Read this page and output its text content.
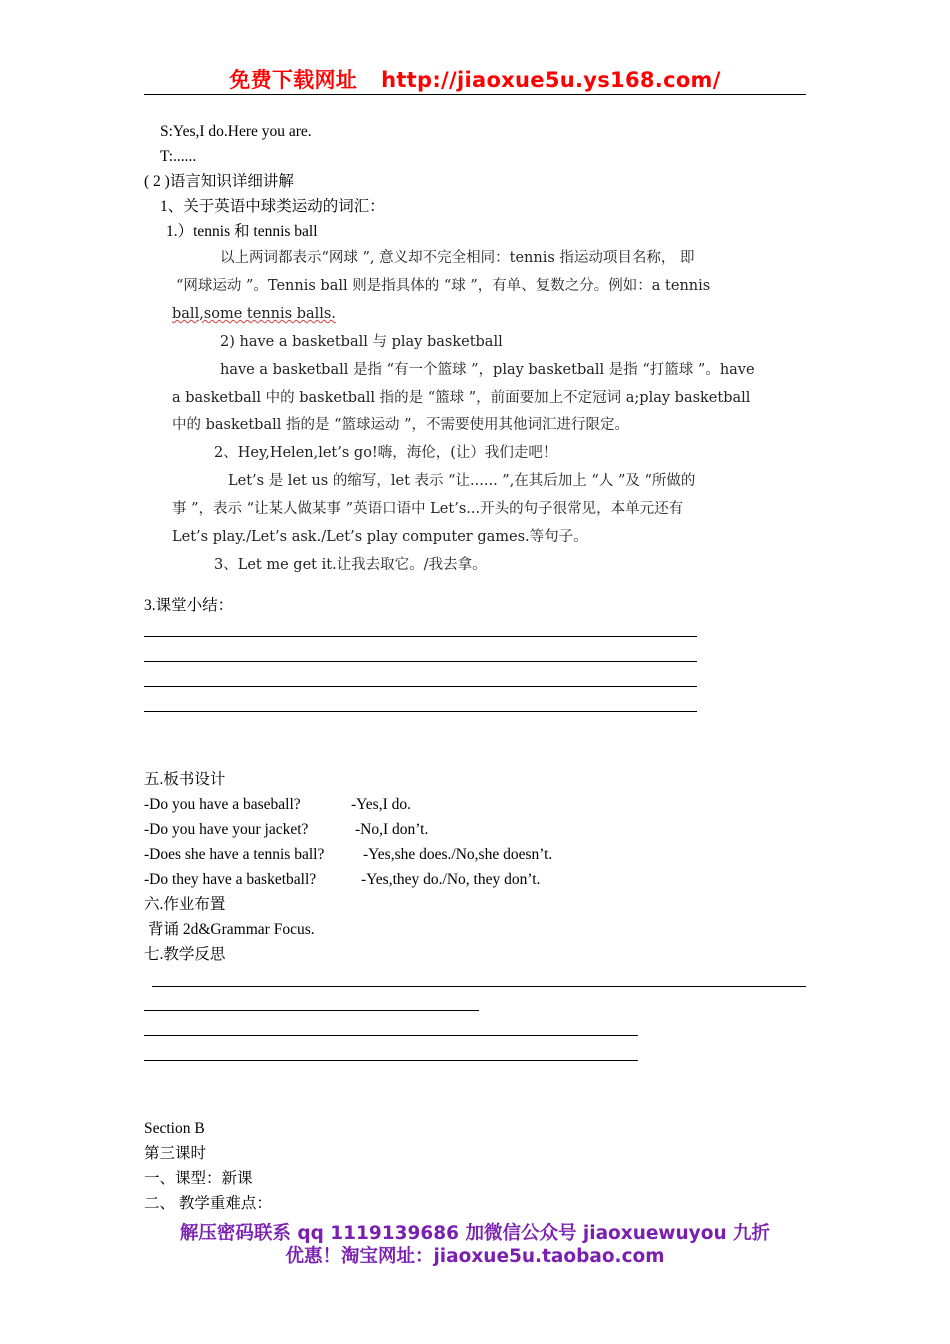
免费下载网址 http://jiaoxue5u.ys168.com/
S:Yes,I do.Here you are.
T:......
( 2 )语言知识详细讲解
1、关于英语中球类运动的词汇：
1.）tennis 和 tennis ball
以上两词都表示“网球 ”, 意义却不完全相同：tennis 指运动项目名称， 即
“网球运动 ”。Tennis ball 则是指具体的 “球 ”，有单、复数之分。例如：a tennis
ball,some tennis balls.
2) have a basketball 与 play basketball
have a basketball 是指 “有一个篮球 ”，play basketball 是指 “打篮球 ”。have
a basketball 中的 basketball 指的是 “篮球 ”，前面要加上不定冠词 a;play basketball
中的 basketball 指的是 “篮球运动 ”，不需要使用其他词汇进行限定。
2、Hey,Helen,let’s go!嗨，海伦，(让）我们走吧！
Let’s 是 let us 的缩写，let 表示 “让...... ”,在其后加上 “人 ”及 “所做的
事 ”，表示 “让某人做某事 ”英语口语中 Let’s...开头的句子很常见，本单元还有
Let’s play./Let’s ask./Let’s play computer games.等句子。
3、Let me get it.让我去取它。/我去拿。
3.课堂小结：
五.板书设计
-Do you have a baseball?	-Yes,I do.
-Do you have your jacket?	-No,I don’t.
-Does she have a tennis ball? -Yes,she does./No,she doesn’t.
-Do they have a basketball?	-Yes,they do./No, they don’t.
六.作业布置
背诵 2d&Grammar Focus.
七.教学反思
Section B
第三课时
一、课型：新课
二、 教学重难点：
解压密码联系 qq 1119139686 加微信公众号 jiaoxuewuyou 九折
优惠！淘宝网址：jiaoxue5u.taobao.com
